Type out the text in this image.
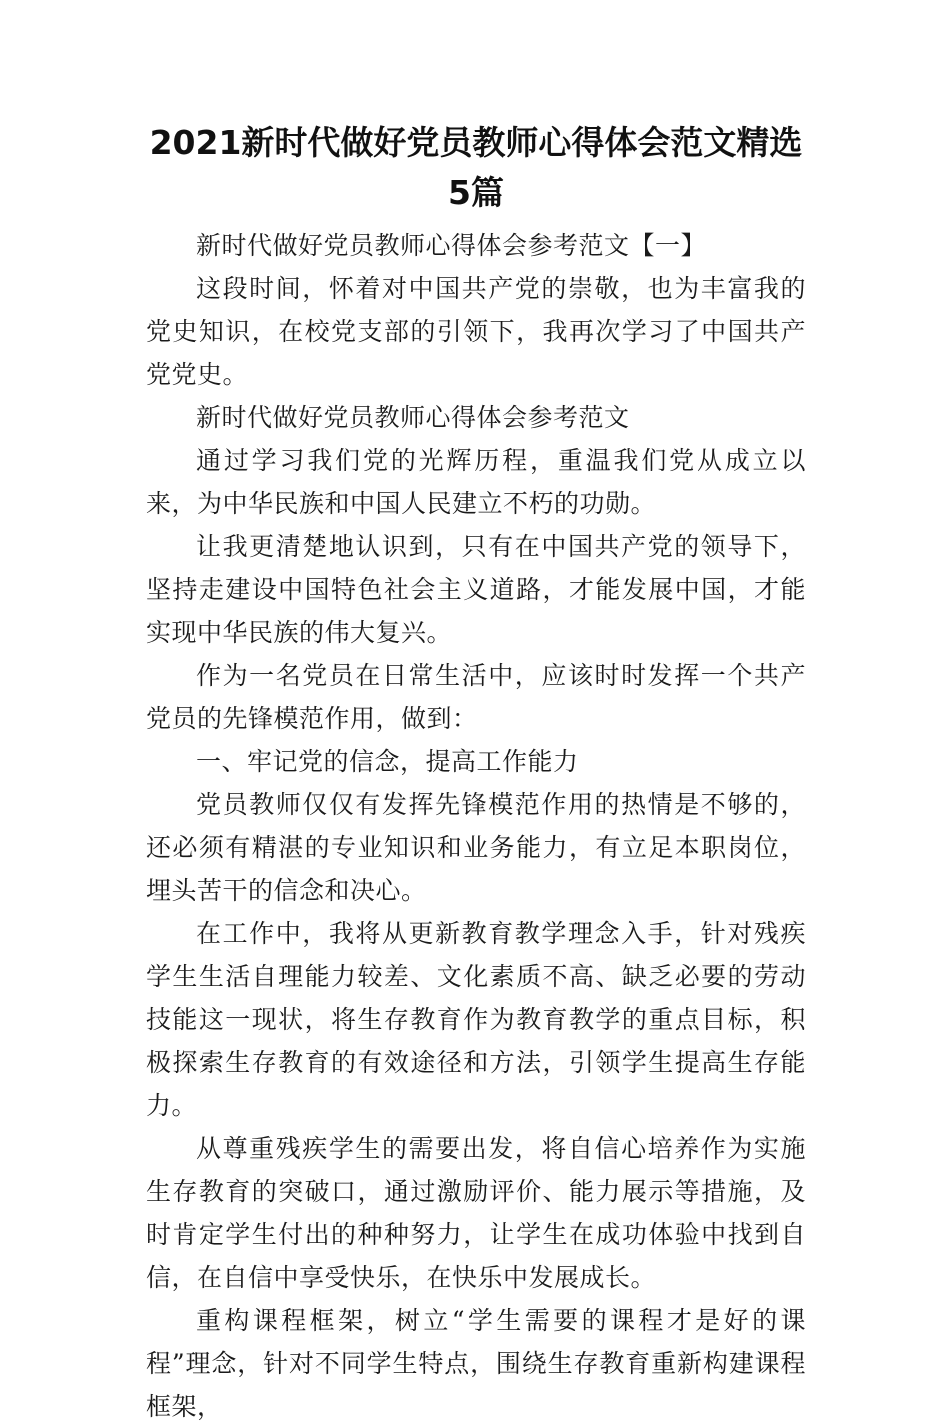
2021新时代做好党员教师心得体会范文精选5篇

新时代做好党员教师心得体会参考范文【一】

这段时间，怀着对中国共产党的崇敬，也为丰富我的党史知识，在校党支部的引领下，我再次学习了中国共产党党史。

新时代做好党员教师心得体会参考范文

通过学习我们党的光辉历程，重温我们党从成立以来，为中华民族和中国人民建立不朽的功勋。

让我更清楚地认识到，只有在中国共产党的领导下，坚持走建设中国特色社会主义道路，才能发展中国，才能实现中华民族的伟大复兴。

作为一名党员在日常生活中，应该时时发挥一个共产党员的先锋模范作用，做到：

一、牢记党的信念，提高工作能力

党员教师仅仅有发挥先锋模范作用的热情是不够的，还必须有精湛的专业知识和业务能力，有立足本职岗位，埋头苦干的信念和决心。

在工作中，我将从更新教育教学理念入手，针对残疾学生生活自理能力较差、文化素质不高、缺乏必要的劳动技能这一现状，将生存教育作为教育教学的重点目标，积极探索生存教育的有效途径和方法，引领学生提高生存能力。

从尊重残疾学生的需要出发，将自信心培养作为实施生存教育的突破口，通过激励评价、能力展示等措施，及时肯定学生付出的种种努力，让学生在成功体验中找到自信，在自信中享受快乐，在快乐中发展成长。

重构课程框架，树立“学生需要的课程才是好的课程”理念，针对不同学生特点，围绕生存教育重新构建课程框架，
